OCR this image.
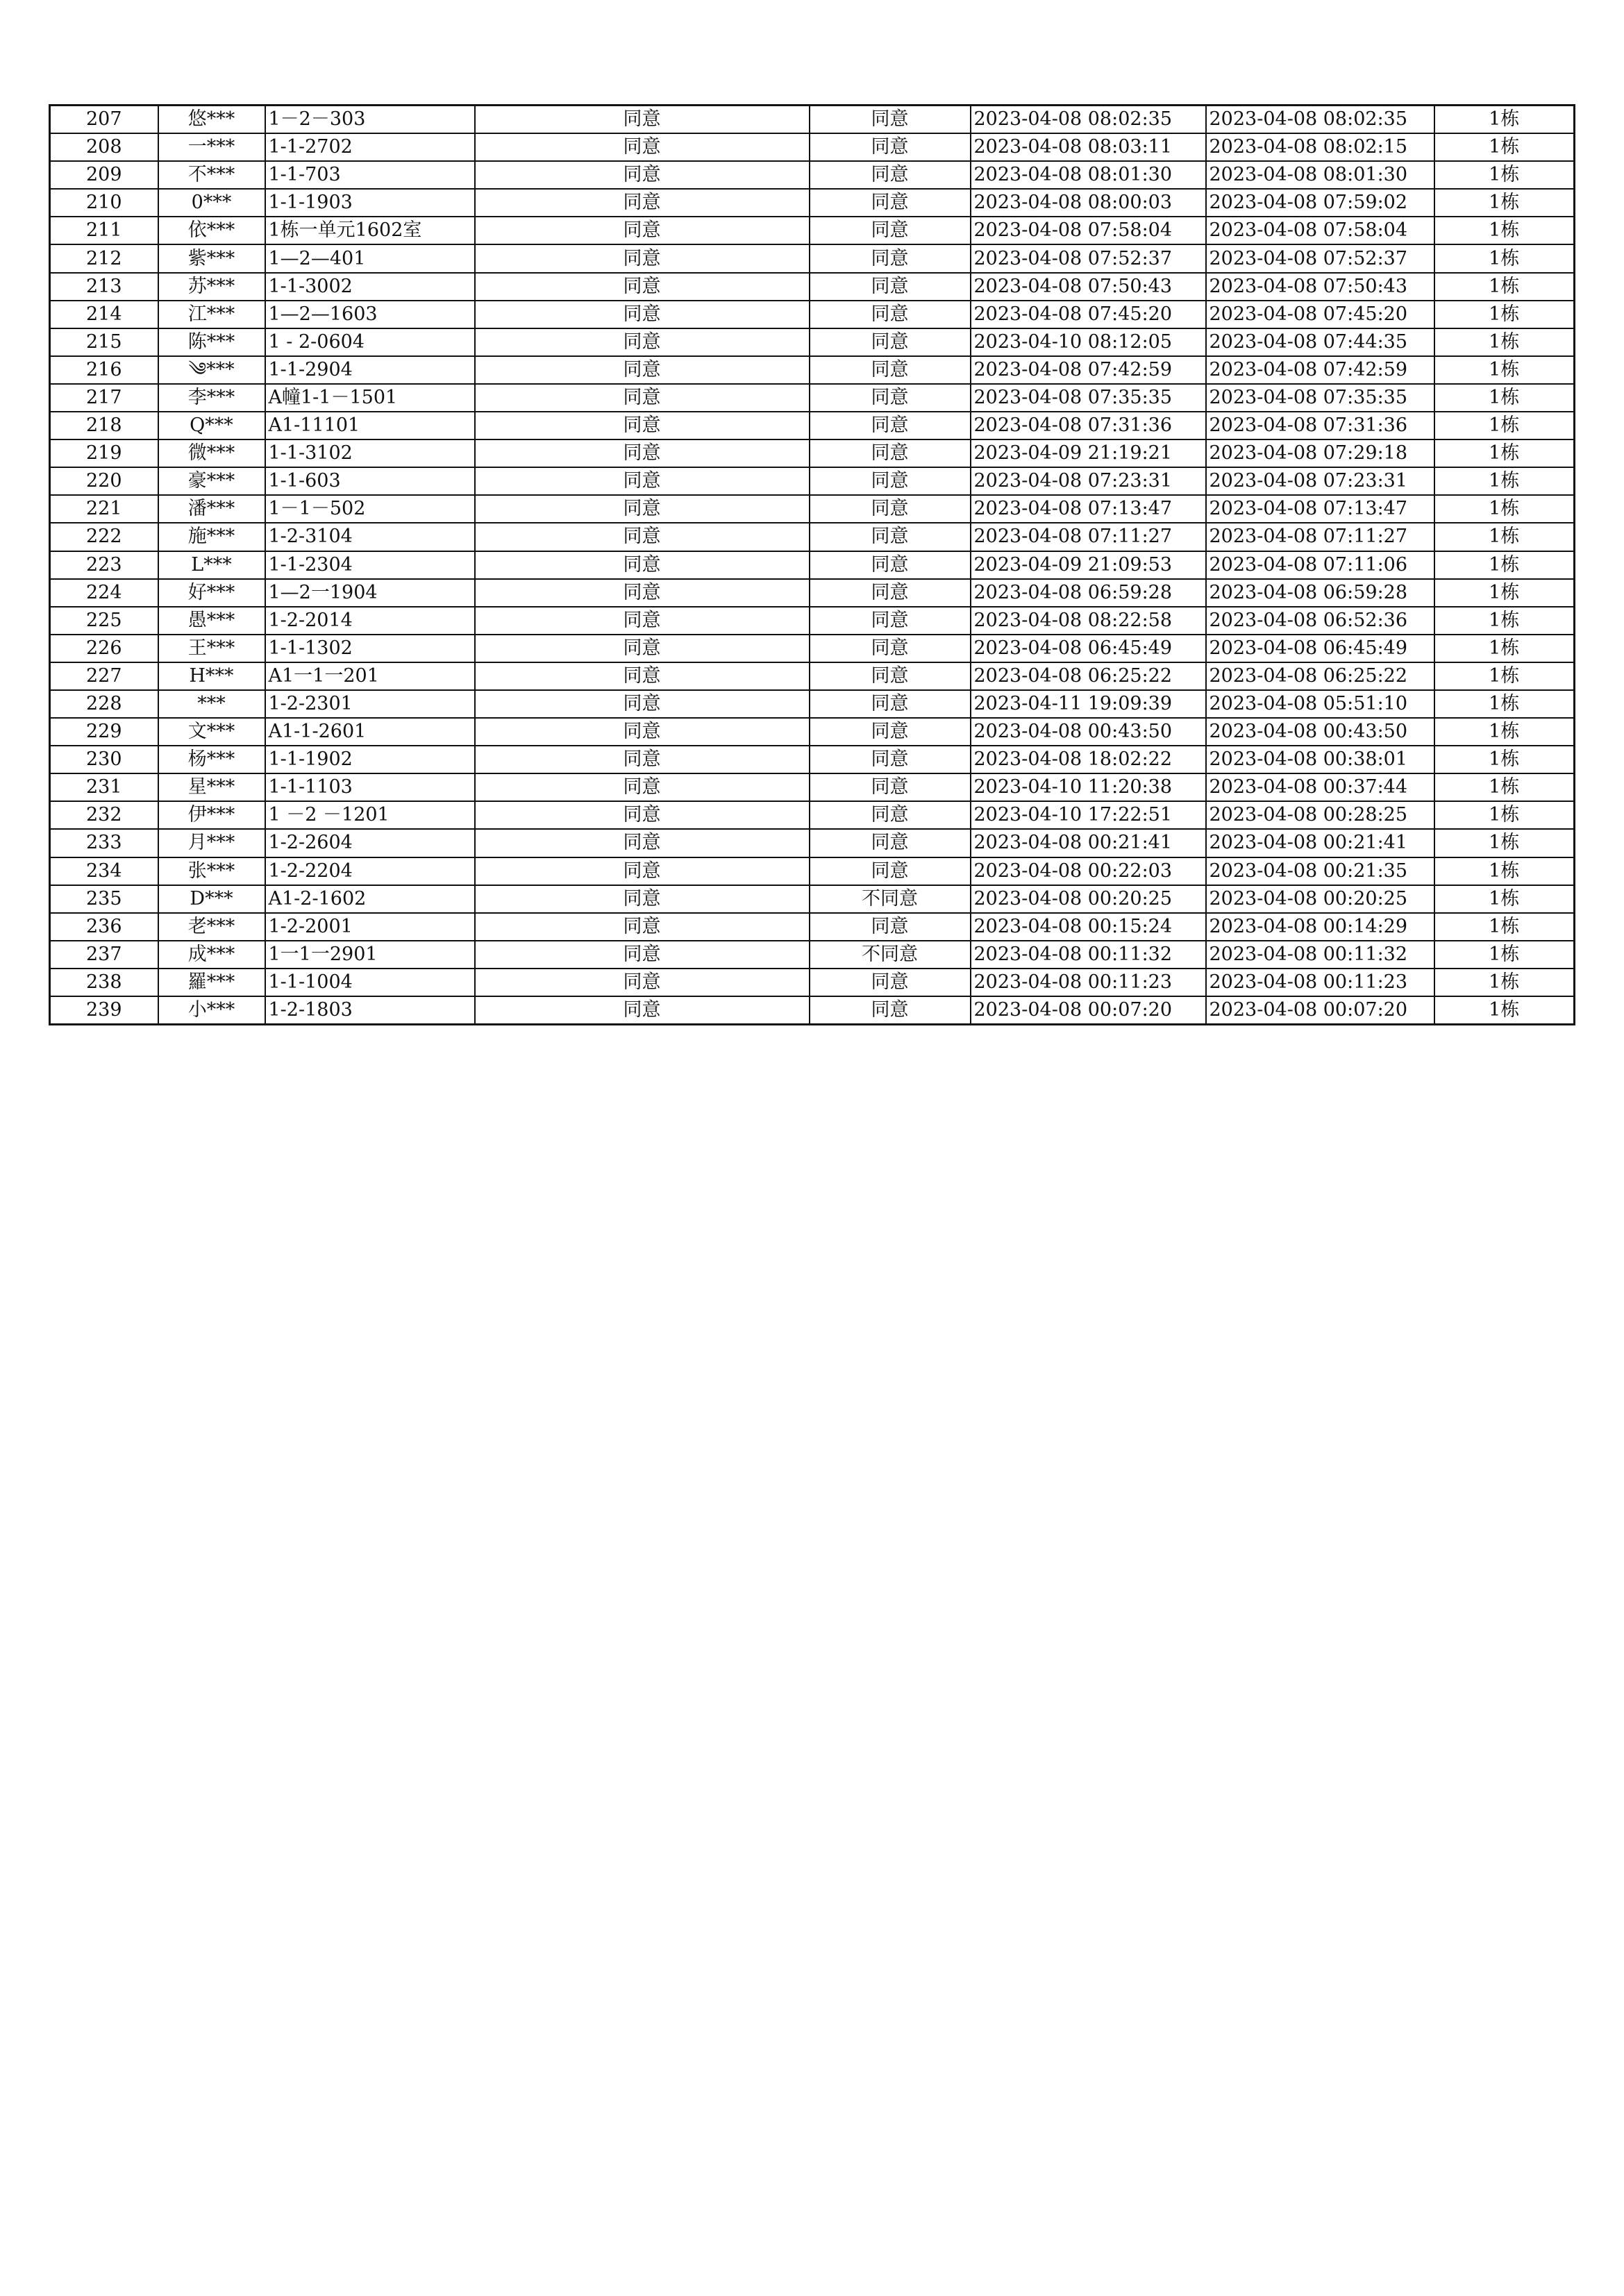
207	悠***	1－2－303	同意	同意	2023-04-08 08:02:35	2023-04-08 08:02:35	1栋
208	一***	1-1-2702	同意	同意	2023-04-08 08:03:11	2023-04-08 08:02:15	1栋
209	不***	1-1-703	同意	同意	2023-04-08 08:01:30	2023-04-08 08:01:30	1栋
210	0***	1-1-1903	同意	同意	2023-04-08 08:00:03	2023-04-08 07:59:02	1栋
211	依***	1栋一单元1602室	同意	同意	2023-04-08 07:58:04	2023-04-08 07:58:04	1栋
212	紫***	1—2—401	同意	同意	2023-04-08 07:52:37	2023-04-08 07:52:37	1栋
213	苏***	1-1-3002	同意	同意	2023-04-08 07:50:43	2023-04-08 07:50:43	1栋
214	江***	1—2—1603	同意	同意	2023-04-08 07:45:20	2023-04-08 07:45:20	1栋
215	陈***	1 - 2-0604	同意	同意	2023-04-10 08:12:05	2023-04-08 07:44:35	1栋
216	༄***	1-1-2904	同意	同意	2023-04-08 07:42:59	2023-04-08 07:42:59	1栋
217	李***	A幢1-1－1501	同意	同意	2023-04-08 07:35:35	2023-04-08 07:35:35	1栋
218	Q***	A1-11101	同意	同意	2023-04-08 07:31:36	2023-04-08 07:31:36	1栋
219	微***	1-1-3102	同意	同意	2023-04-09 21:19:21	2023-04-08 07:29:18	1栋
220	豪***	1-1-603	同意	同意	2023-04-08 07:23:31	2023-04-08 07:23:31	1栋
221	潘***	1－1－502	同意	同意	2023-04-08 07:13:47	2023-04-08 07:13:47	1栋
222	施***	1-2-3104	同意	同意	2023-04-08 07:11:27	2023-04-08 07:11:27	1栋
223	L***	1-1-2304	同意	同意	2023-04-09 21:09:53	2023-04-08 07:11:06	1栋
224	好***	1—2一1904	同意	同意	2023-04-08 06:59:28	2023-04-08 06:59:28	1栋
225	愚***	1-2-2014	同意	同意	2023-04-08 08:22:58	2023-04-08 06:52:36	1栋
226	王***	1-1-1302	同意	同意	2023-04-08 06:45:49	2023-04-08 06:45:49	1栋
227	H***	A1一1一201	同意	同意	2023-04-08 06:25:22	2023-04-08 06:25:22	1栋
228	***	1-2-2301	同意	同意	2023-04-11 19:09:39	2023-04-08 05:51:10	1栋
229	文***	A1-1-2601	同意	同意	2023-04-08 00:43:50	2023-04-08 00:43:50	1栋
230	杨***	1-1-1902	同意	同意	2023-04-08 18:02:22	2023-04-08 00:38:01	1栋
231	星***	1-1-1103	同意	同意	2023-04-10 11:20:38	2023-04-08 00:37:44	1栋
232	伊***	1 －2 －1201	同意	同意	2023-04-10 17:22:51	2023-04-08 00:28:25	1栋
233	月***	1-2-2604	同意	同意	2023-04-08 00:21:41	2023-04-08 00:21:41	1栋
234	张***	1-2-2204	同意	同意	2023-04-08 00:22:03	2023-04-08 00:21:35	1栋
235	D***	A1-2-1602	同意	不同意	2023-04-08 00:20:25	2023-04-08 00:20:25	1栋
236	老***	1-2-2001	同意	同意	2023-04-08 00:15:24	2023-04-08 00:14:29	1栋
237	成***	1一1一2901	同意	不同意	2023-04-08 00:11:32	2023-04-08 00:11:32	1栋
238	羅***	1-1-1004	同意	同意	2023-04-08 00:11:23	2023-04-08 00:11:23	1栋
239	小***	1-2-1803	同意	同意	2023-04-08 00:07:20	2023-04-08 00:07:20	1栋
